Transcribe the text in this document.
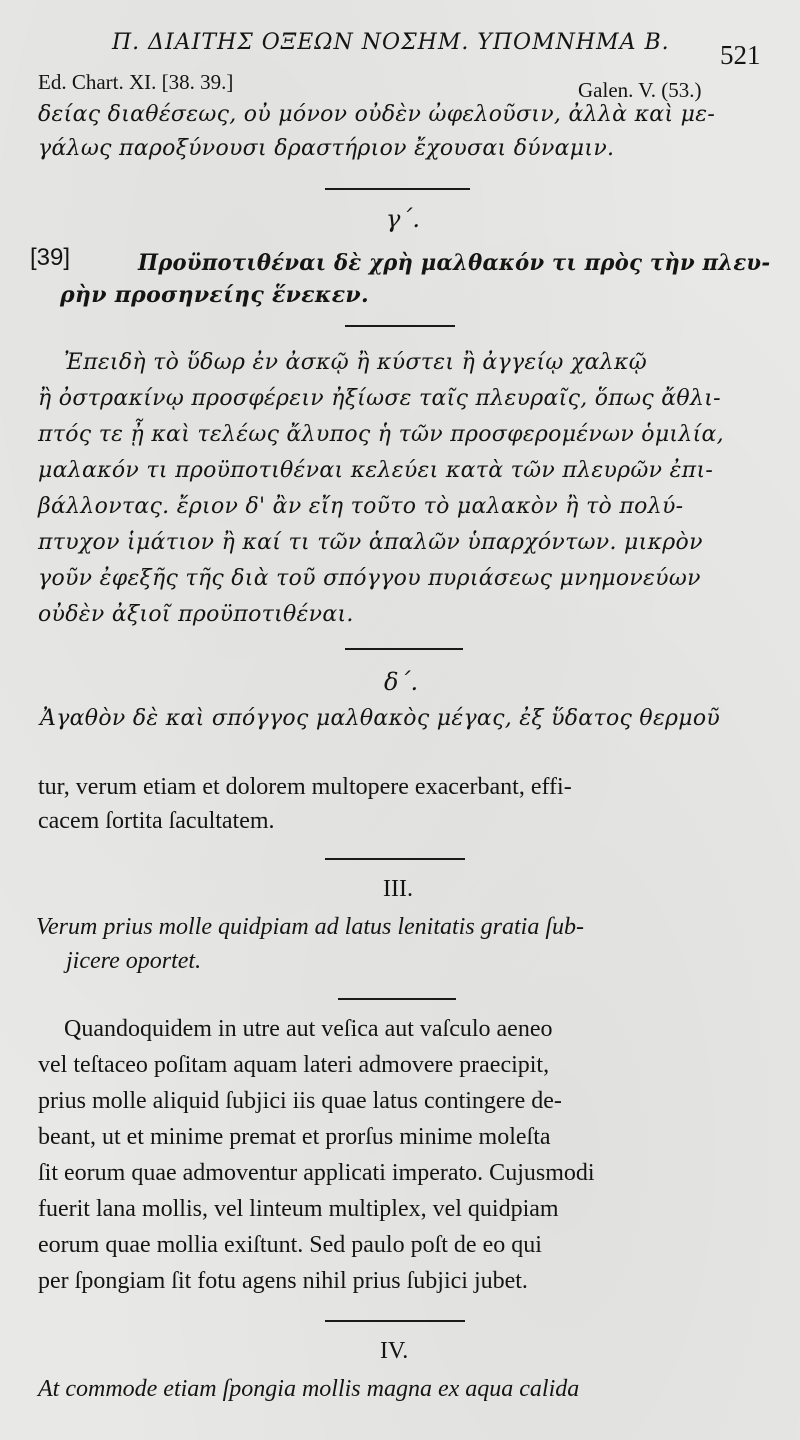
Π. ΔΙΑΙΤΗΣ ΟΞΕΩΝ ΝΟΣΗΜ. ΥΠΟΜΝΗΜΑ Β. 521
Ed. Chart. XI. [38. 39.]	Galen. V. (53.)
δείας διαθέσεως, οὐ μόνον οὐδὲν ὠφελοῦσιν, ἀλλὰ καὶ με-
γάλως παροξύνουσι δραστήριον ἔχουσαι δύναμιν.
γ΄.
[39]	Προϋποτιθέναι δὲ χρὴ μαλθακόν τι πρὸς τὴν πλευ-
ρὴν προσηνείης ἕνεκεν.
Ἐπειδὴ τὸ ὕδωρ ἐν ἀσκῷ ἢ κύστει ἢ ἀγγείῳ χαλκῷ
ἢ ὀστρακίνῳ προσφέρειν ἠξίωσε ταῖς πλευραῖς, ὅπως ἄθλι-
πτός τε ᾖ καὶ τελέως ἄλυπος ἡ τῶν προσφερομένων ὁμιλία,
μαλακόν τι προϋποτιθέναι κελεύει κατὰ τῶν πλευρῶν ἐπι-
βάλλοντας. ἔριον δ' ἂν εἴη τοῦτο τὸ μαλακὸν ἢ τὸ πολύ-
πτυχον ἱμάτιον ἢ καί τι τῶν ἁπαλῶν ὑπαρχόντων. μικρὸν
γοῦν ἐφεξῆς τῆς διὰ τοῦ σπόγγου πυριάσεως μνημονεύων
οὐδὲν ἀξιοῖ προϋποτιθέναι.
δ΄.
Ἀγαθὸν δὲ καὶ σπόγγος μαλθακὸς μέγας, ἐξ ὕδατος θερμοῦ
tur, verum etiam et dolorem multopere exacerbant, effi-
cacem ſortita ſacultatem.
III.
Verum prius molle quidpiam ad latus lenitatis gratia ſub-
jicere oportet.
Quandoquidem in utre aut veſica aut vaſculo aeneo
vel teſtaceo poſitam aquam lateri admovere praecipit,
prius molle aliquid ſubjici iis quae latus contingere de-
beant, ut et minime premat et prorſus minime moleſta
ſit eorum quae admoventur applicati imperato. Cujusmodi
fuerit lana mollis, vel linteum multiplex, vel quidpiam
eorum quae mollia exiſtunt. Sed paulo poſt de eo qui
per ſpongiam ſit fotu agens nihil prius ſubjici jubet.
IV.
At commode etiam ſpongia mollis magna ex aqua calida
